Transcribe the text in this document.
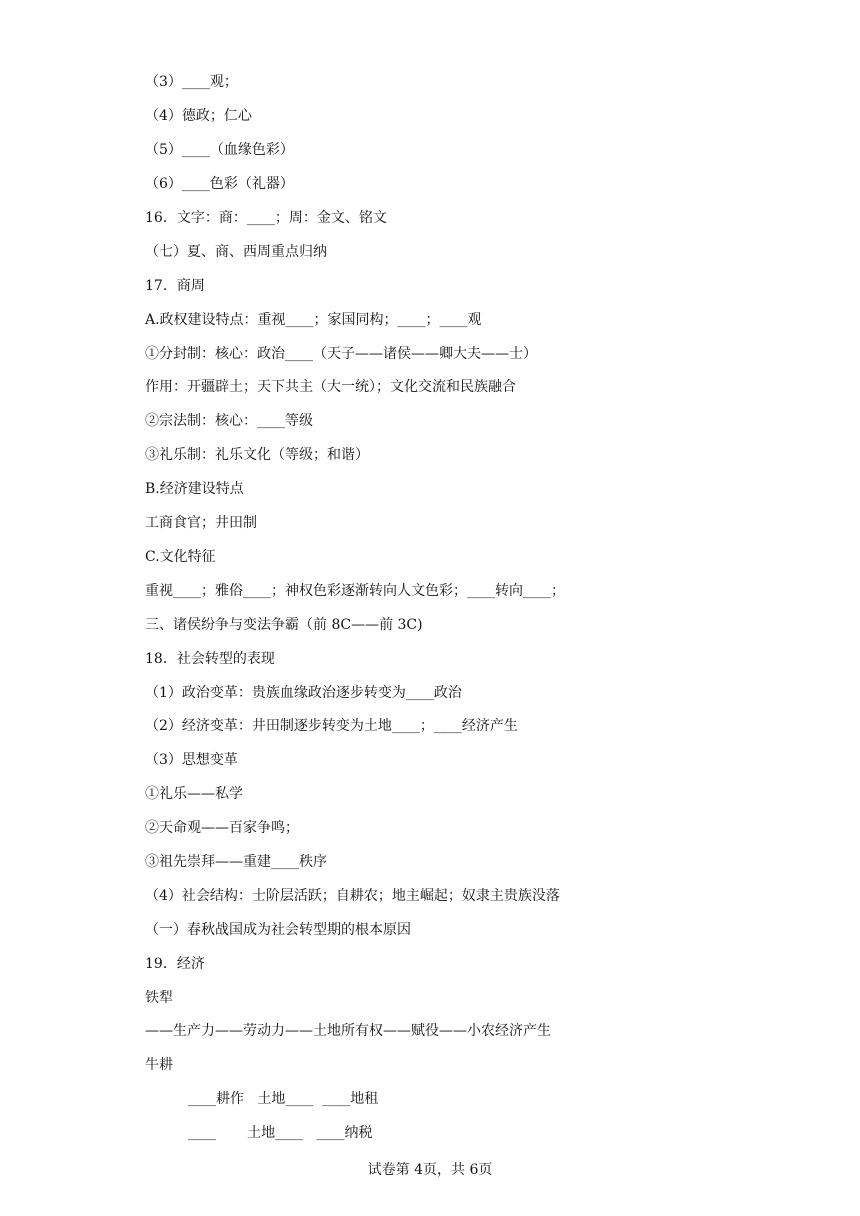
（3）____观；
（4）德政；仁心
（5）____（血缘色彩）
（6）____色彩（礼器）
16．文字：商：____；周：金文、铭文
（七）夏、商、西周重点归纳
17．商周
A.政权建设特点：重视____；家国同构；____；____观
①分封制：核心：政治____（天子——诸侯——卿大夫——士）
作用：开疆辟土；天下共主（大一统）；文化交流和民族融合
②宗法制：核心：____等级
③礼乐制：礼乐文化（等级；和谐）
B.经济建设特点
工商食官；井田制
C.文化特征
重视____；雅俗____；神权色彩逐渐转向人文色彩；____转向____；
三、诸侯纷争与变法争霸（前 8C——前 3C)
18．社会转型的表现
（1）政治变革：贵族血缘政治逐步转变为____政治
（2）经济变革：井田制逐步转变为土地____；____经济产生
（3）思想变革
①礼乐——私学
②天命观——百家争鸣；
③祖先崇拜——重建____秩序
（4）社会结构：士阶层活跃；自耕农；地主崛起；奴隶主贵族没落
（一）春秋战国成为社会转型期的根本原因
19．经济
铁犁
——生产力——劳动力——土地所有权——赋役——小农经济产生
牛耕
____耕作   土地____  ____地租
____       土地____   ____纳税
试卷第 4页，共 6页
